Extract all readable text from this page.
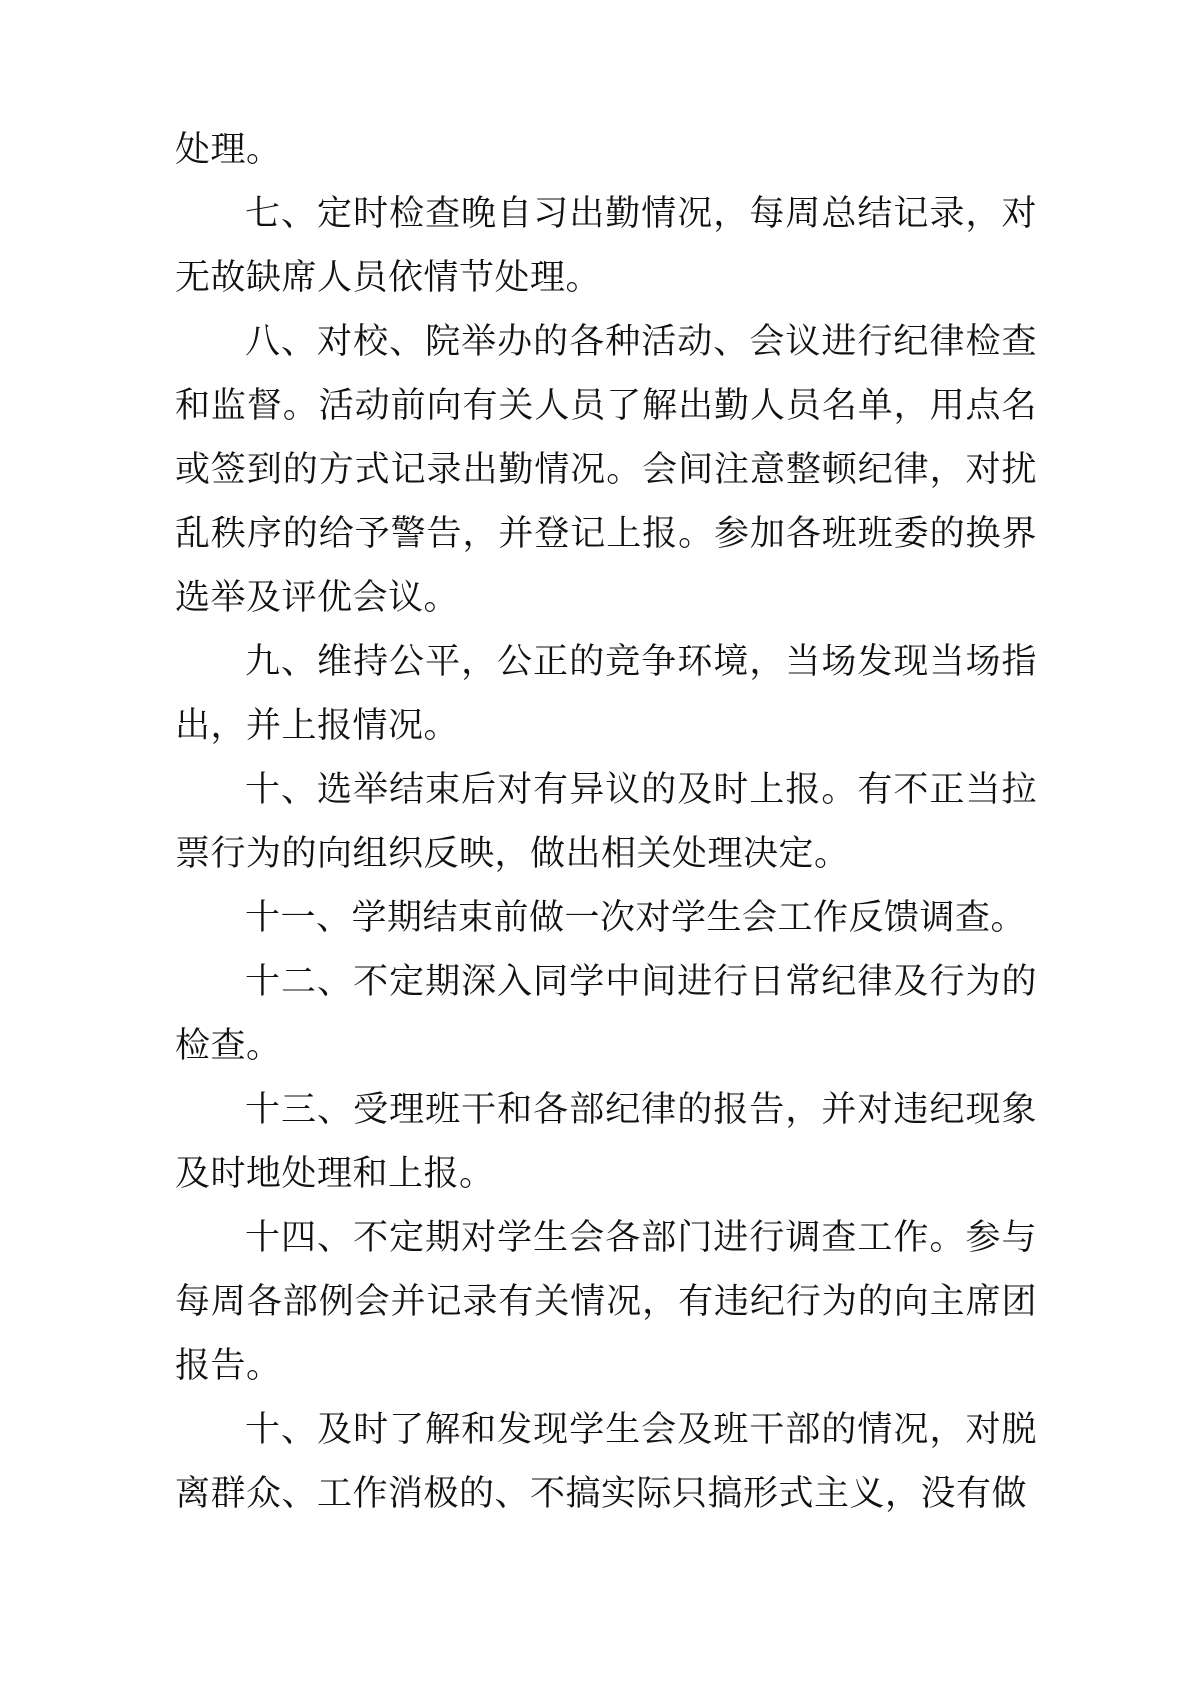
处理。

七、定时检查晚自习出勤情况，每周总结记录，对无故缺席人员依情节处理。

八、对校、院举办的各种活动、会议进行纪律检查和监督。活动前向有关人员了解出勤人员名单，用点名或签到的方式记录出勤情况。会间注意整顿纪律，对扰乱秩序的给予警告，并登记上报。参加各班班委的换界选举及评优会议。

九、维持公平，公正的竞争环境，当场发现当场指出，并上报情况。

十、选举结束后对有异议的及时上报。有不正当拉票行为的向组织反映，做出相关处理决定。

十一、学期结束前做一次对学生会工作反馈调查。

十二、不定期深入同学中间进行日常纪律及行为的检查。

十三、受理班干和各部纪律的报告，并对违纪现象及时地处理和上报。

十四、不定期对学生会各部门进行调查工作。参与每周各部例会并记录有关情况，有违纪行为的向主席团报告。

十、及时了解和发现学生会及班干部的情况，对脱离群众、工作消极的、不搞实际只搞形式主义，没有做
